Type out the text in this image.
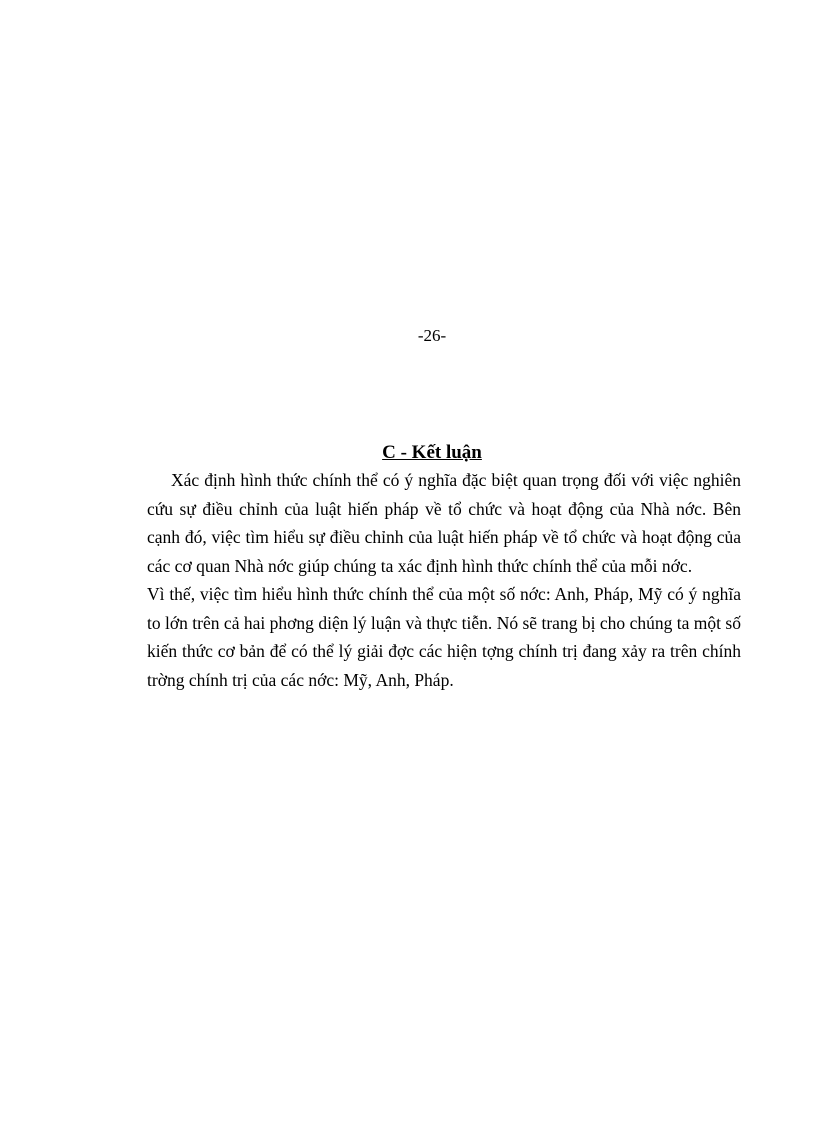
-26-
C - Kết luận

Xác định hình thức chính thể có ý nghĩa đặc biệt quan trọng đối với việc nghiên cứu sự điều chỉnh của luật hiến pháp về tổ chức và hoạt động của Nhà nớc. Bên cạnh đó, việc tìm hiểu sự điều chỉnh của luật hiến pháp về tổ chức và hoạt động của các cơ quan Nhà nớc giúp chúng ta xác định hình thức chính thể của mỗi nớc.

Vì thế, việc tìm hiểu hình thức chính thể của một số nớc: Anh, Pháp, Mỹ có ý nghĩa to lớn trên cả hai phơng diện lý luận và thực tiễn. Nó sẽ trang bị cho chúng ta một số kiến thức cơ bản để có thể lý giải đợc các hiện tợng chính trị đang xảy ra trên chính trờng chính trị của các nớc: Mỹ, Anh, Pháp.
